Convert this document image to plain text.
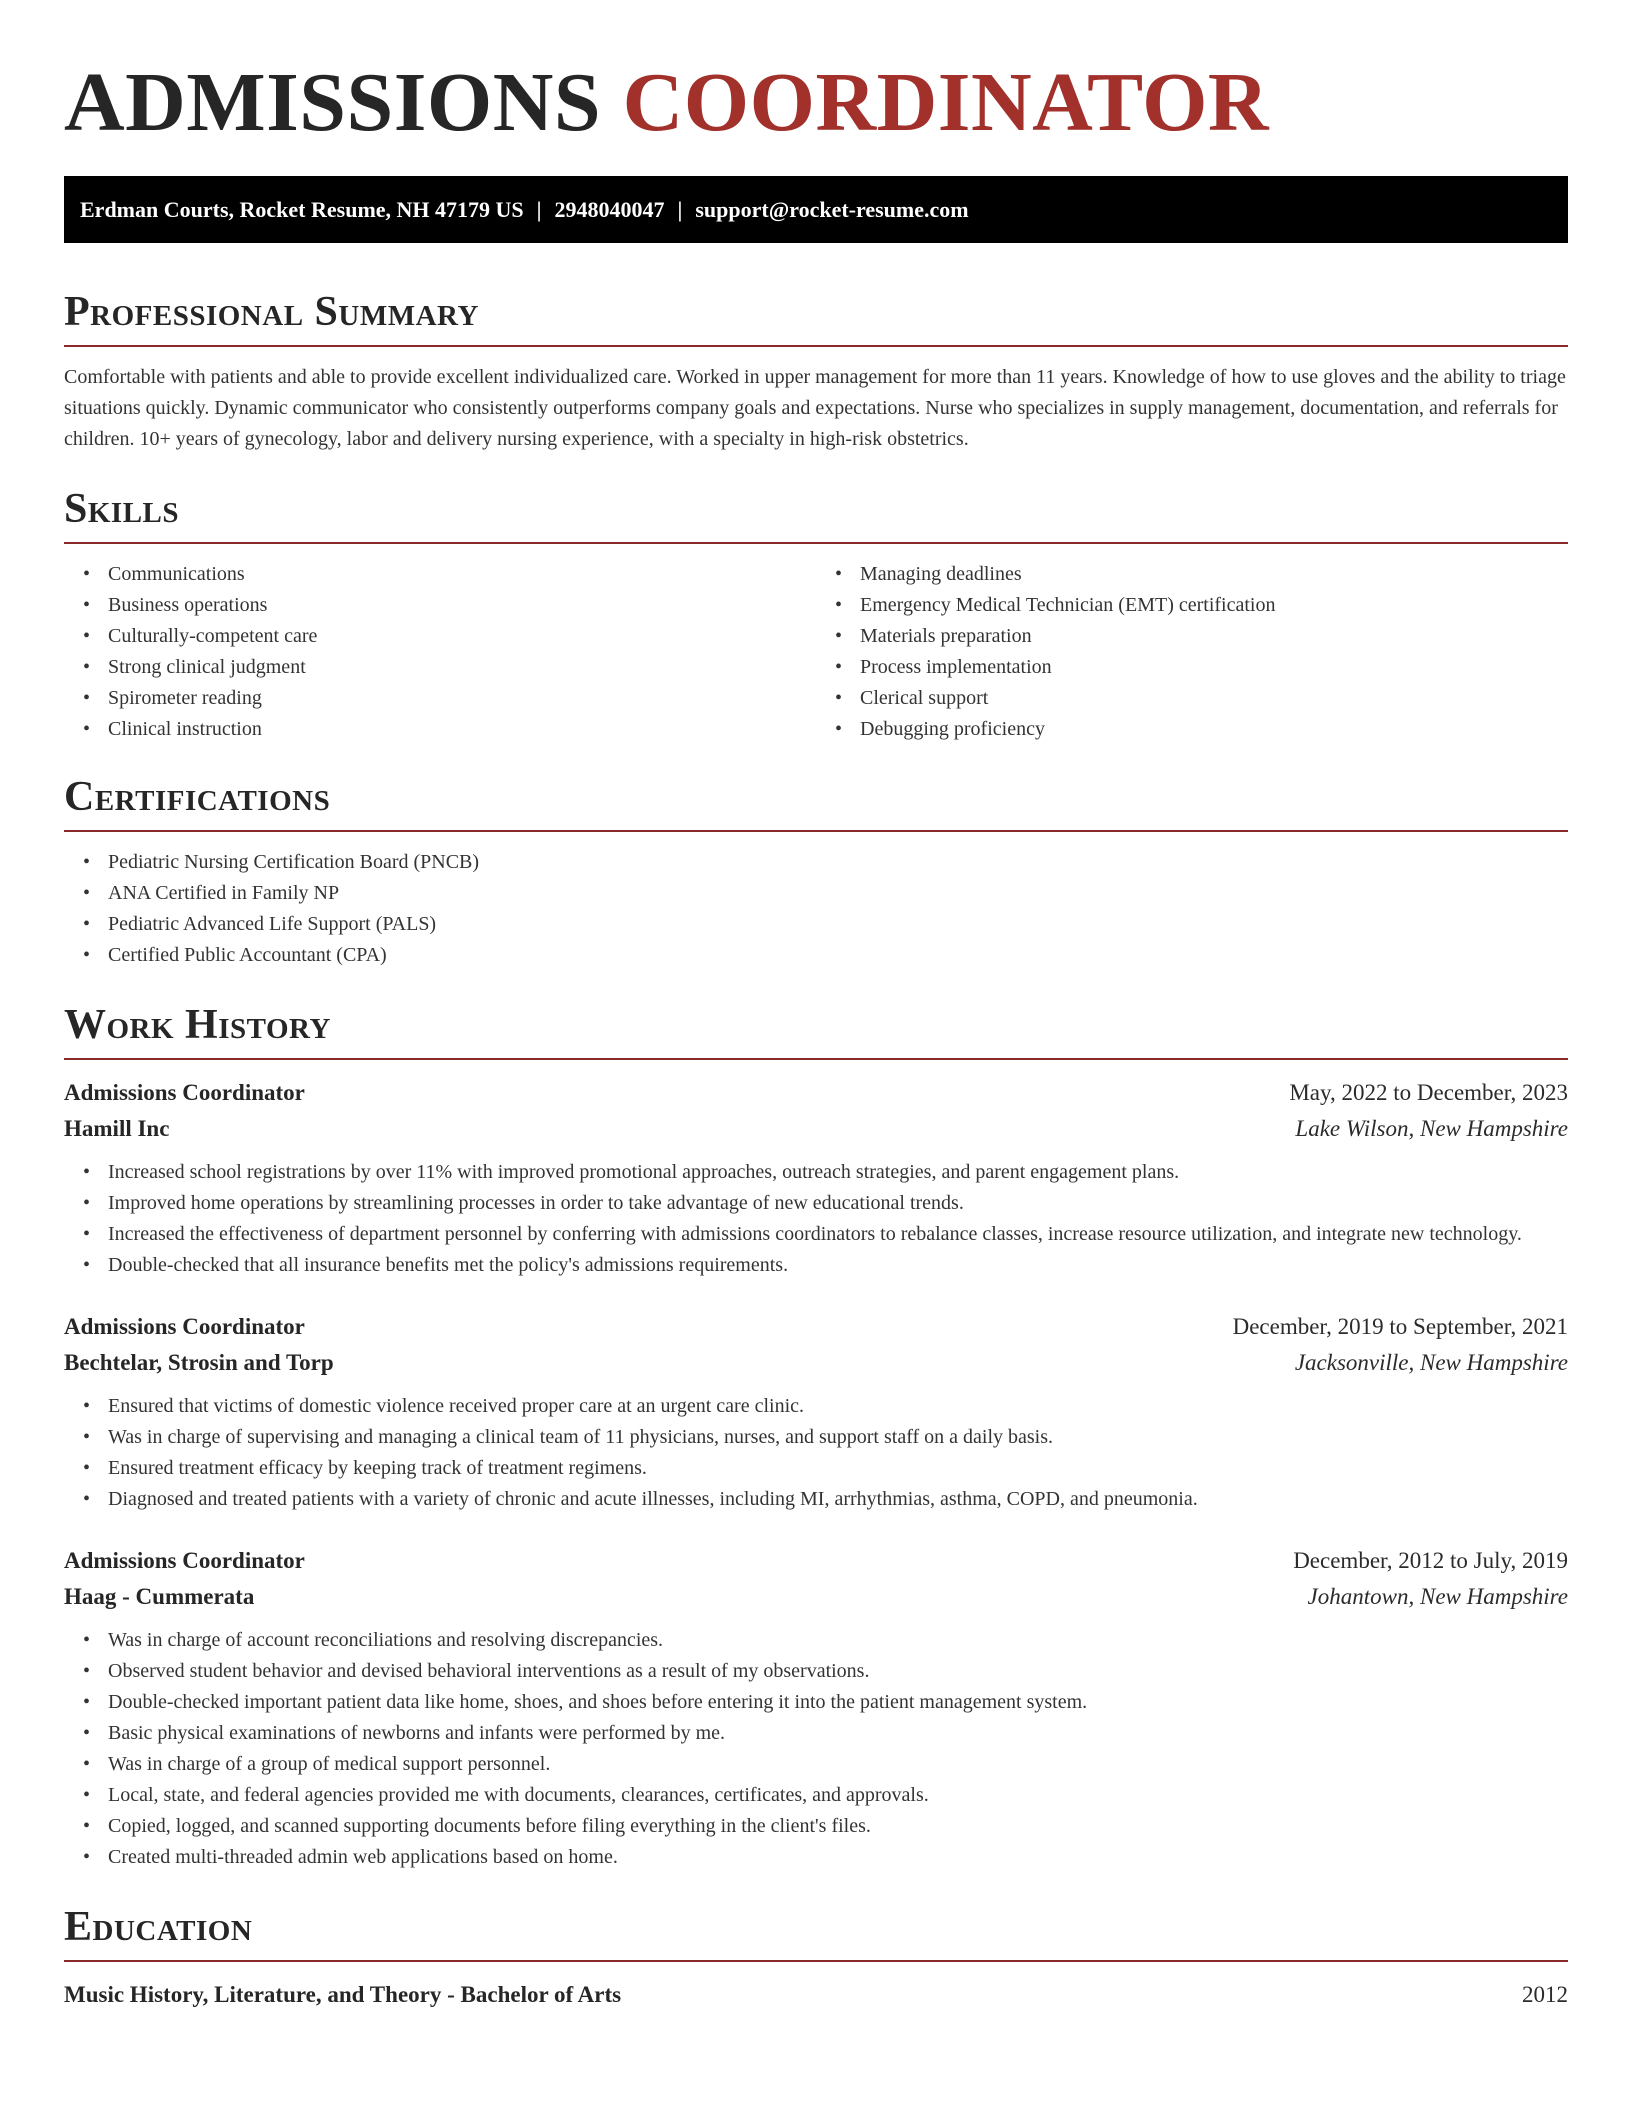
ADMISSIONS COORDINATOR
Erdman Courts, Rocket Resume, NH 47179 US | 2948040047 | support@rocket-resume.com
Professional Summary

Comfortable with patients and able to provide excellent individualized care. Worked in upper management for more than 11 years. Knowledge of how to use gloves and the ability to triage situations quickly. Dynamic communicator who consistently outperforms company goals and expectations. Nurse who specializes in supply management, documentation, and referrals for children. 10+ years of gynecology, labor and delivery nursing experience, with a specialty in high-risk obstetrics.

Skills
• Communications
• Business operations
• Culturally-competent care
• Strong clinical judgment
• Spirometer reading
• Clinical instruction
• Managing deadlines
• Emergency Medical Technician (EMT) certification
• Materials preparation
• Process implementation
• Clerical support
• Debugging proficiency
Certifications
• Pediatric Nursing Certification Board (PNCB)
• ANA Certified in Family NP
• Pediatric Advanced Life Support (PALS)
• Certified Public Accountant (CPA)
Work History
Admissions Coordinator	May, 2022 to December, 2023
Hamill Inc	Lake Wilson, New Hampshire
• Increased school registrations by over 11% with improved promotional approaches, outreach strategies, and parent engagement plans.
• Improved home operations by streamlining processes in order to take advantage of new educational trends.
• Increased the effectiveness of department personnel by conferring with admissions coordinators to rebalance classes, increase resource utilization, and integrate new technology.
• Double-checked that all insurance benefits met the policy's admissions requirements.
Admissions Coordinator	December, 2019 to September, 2021
Bechtelar, Strosin and Torp	Jacksonville, New Hampshire
• Ensured that victims of domestic violence received proper care at an urgent care clinic.
• Was in charge of supervising and managing a clinical team of 11 physicians, nurses, and support staff on a daily basis.
• Ensured treatment efficacy by keeping track of treatment regimens.
• Diagnosed and treated patients with a variety of chronic and acute illnesses, including MI, arrhythmias, asthma, COPD, and pneumonia.
Admissions Coordinator	December, 2012 to July, 2019
Haag - Cummerata	Johantown, New Hampshire
• Was in charge of account reconciliations and resolving discrepancies.
• Observed student behavior and devised behavioral interventions as a result of my observations.
• Double-checked important patient data like home, shoes, and shoes before entering it into the patient management system.
• Basic physical examinations of newborns and infants were performed by me.
• Was in charge of a group of medical support personnel.
• Local, state, and federal agencies provided me with documents, clearances, certificates, and approvals.
• Copied, logged, and scanned supporting documents before filing everything in the client's files.
• Created multi-threaded admin web applications based on home.
Education
Music History, Literature, and Theory - Bachelor of Arts	2012
